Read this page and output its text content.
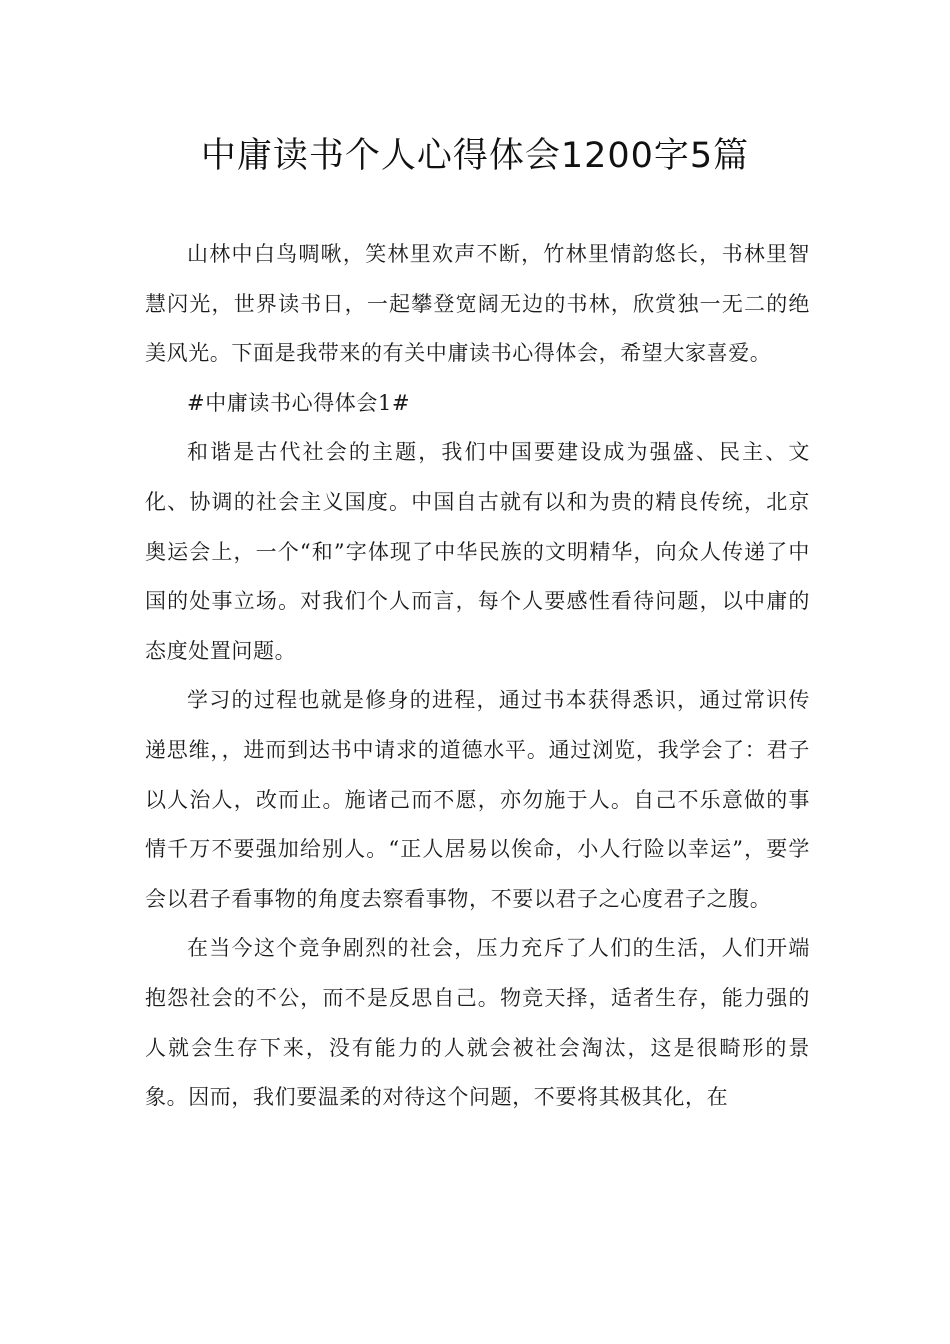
中庸读书个人心得体会1200字5篇

山林中白鸟啁啾，笑林里欢声不断，竹林里情韵悠长，书林里智慧闪光，世界读书日，一起攀登宽阔无边的书林，欣赏独一无二的绝美风光。下面是我带来的有关中庸读书心得体会，希望大家喜爱。

#中庸读书心得体会1#

和谐是古代社会的主题，我们中国要建设成为强盛、民主、文化、协调的社会主义国度。中国自古就有以和为贵的精良传统，北京奥运会上，一个“和”字体现了中华民族的文明精华，向众人传递了中国的处事立场。对我们个人而言，每个人要感性看待问题，以中庸的态度处置问题。

学习的过程也就是修身的进程，通过书本获得悉识，通过常识传递思维，，进而到达书中请求的道德水平。通过浏览，我学会了：君子以人治人，改而止。施诸己而不愿，亦勿施于人。自己不乐意做的事情千万不要强加给别人。“正人居易以俟命，小人行险以幸运”，要学会以君子看事物的角度去察看事物，不要以君子之心度君子之腹。

在当今这个竞争剧烈的社会，压力充斥了人们的生活，人们开端抱怨社会的不公，而不是反思自己。物竞天择，适者生存，能力强的人就会生存下来，没有能力的人就会被社会淘汰，这是很畸形的景象。因而，我们要温柔的对待这个问题，不要将其极其化，在
